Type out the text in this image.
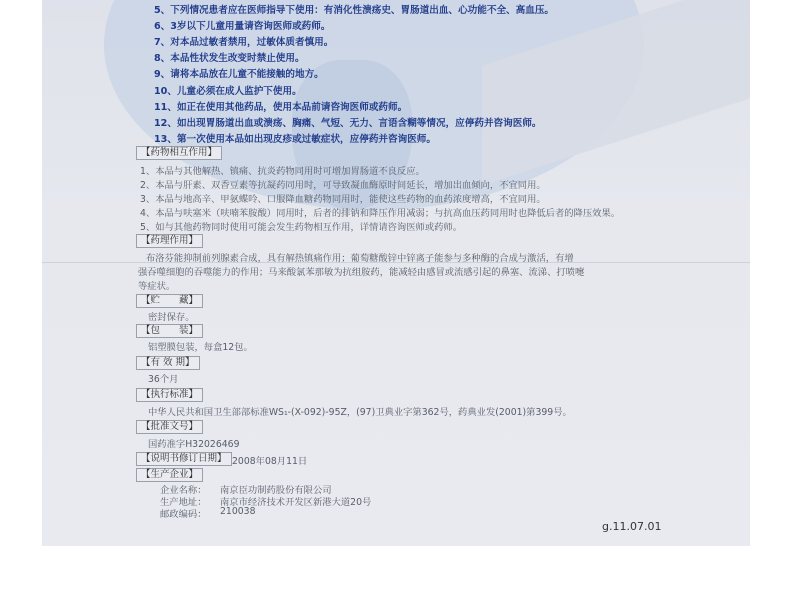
5、下列情况患者应在医师指导下使用：有消化性溃疡史、胃肠道出血、心功能不全、高血压。
6、3岁以下儿童用量请咨询医师或药师。
7、对本品过敏者禁用，过敏体质者慎用。
8、本品性状发生改变时禁止使用。
9、请将本品放在儿童不能接触的地方。
10、儿童必须在成人监护下使用。
11、如正在使用其他药品，使用本品前请咨询医师或药师。
12、如出现胃肠道出血或溃疡、胸痛、气短、无力、言语含糊等情况，应停药并咨询医师。
13、第一次使用本品如出现皮疹或过敏症状，应停药并咨询医师。
【药物相互作用】
1、本品与其他解热、镇痛、抗炎药物同用时可增加胃肠道不良反应。
2、本品与肝素、双香豆素等抗凝药同用时，可导致凝血酶原时间延长，增加出血倾向，不宜同用。
3、本品与地高辛、甲氨蝶呤、口服降血糖药物同用时，能使这些药物的血药浓度增高，不宜同用。
4、本品与呋塞米（呋喃苯胺酸）同用时，后者的排钠和降压作用减弱；与抗高血压药同用时也降低后者的降压效果。
5、如与其他药物同时使用可能会发生药物相互作用，详情请咨询医师或药师。
【药理作用】
布洛芬能抑制前列腺素合成，具有解热镇痛作用；葡萄糖酸锌中锌离子能参与多种酶的合成与激活，有增
强吞噬细胞的吞噬能力的作用；马来酸氯苯那敏为抗组胺药，能减轻由感冒或流感引起的鼻塞、流涕、打喷嚏
等症状。
【贮　　藏】
密封保存。
【包　　装】
铝塑膜包装，每盒12包。
【有 效 期】
36个月
【执行标准】
中华人民共和国卫生部部标准WS₁-(X-092)-95Z，(97)卫典业字第362号，药典业发(2001)第399号。
【批准文号】
国药准字H32026469
【说明书修订日期】 2008年08月11日
【生产企业】
g.11.07.01
企业名称： 南京臣功制药股份有限公司
生产地址： 南京市经济技术开发区新港大道20号
邮政编码： 210038
